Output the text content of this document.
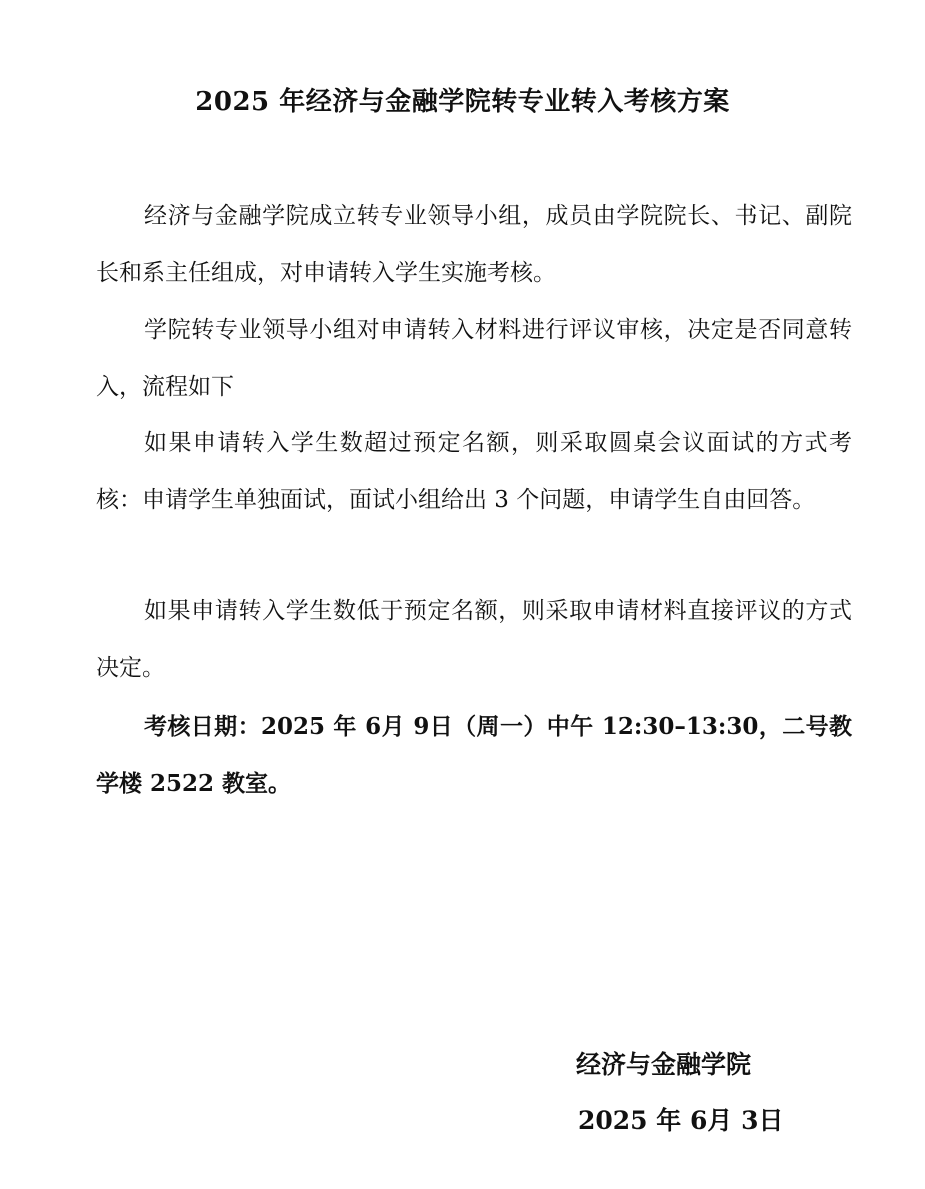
2025 年经济与金融学院转专业转入考核方案

经济与金融学院成立转专业领导小组，成员由学院院长、书记、副院长和系主任组成，对申请转入学生实施考核。

学院转专业领导小组对申请转入材料进行评议审核，决定是否同意转入，流程如下

如果申请转入学生数超过预定名额，则采取圆桌会议面试的方式考核：申请学生单独面试，面试小组给出 3 个问题，申请学生自由回答。

如果申请转入学生数低于预定名额，则采取申请材料直接评议的方式决定。

考核日期：2025 年 6月 9日（周一）中午 12:30–13:30，二号教学楼 2522 教室。

经济与金融学院
2025 年 6月 3日
